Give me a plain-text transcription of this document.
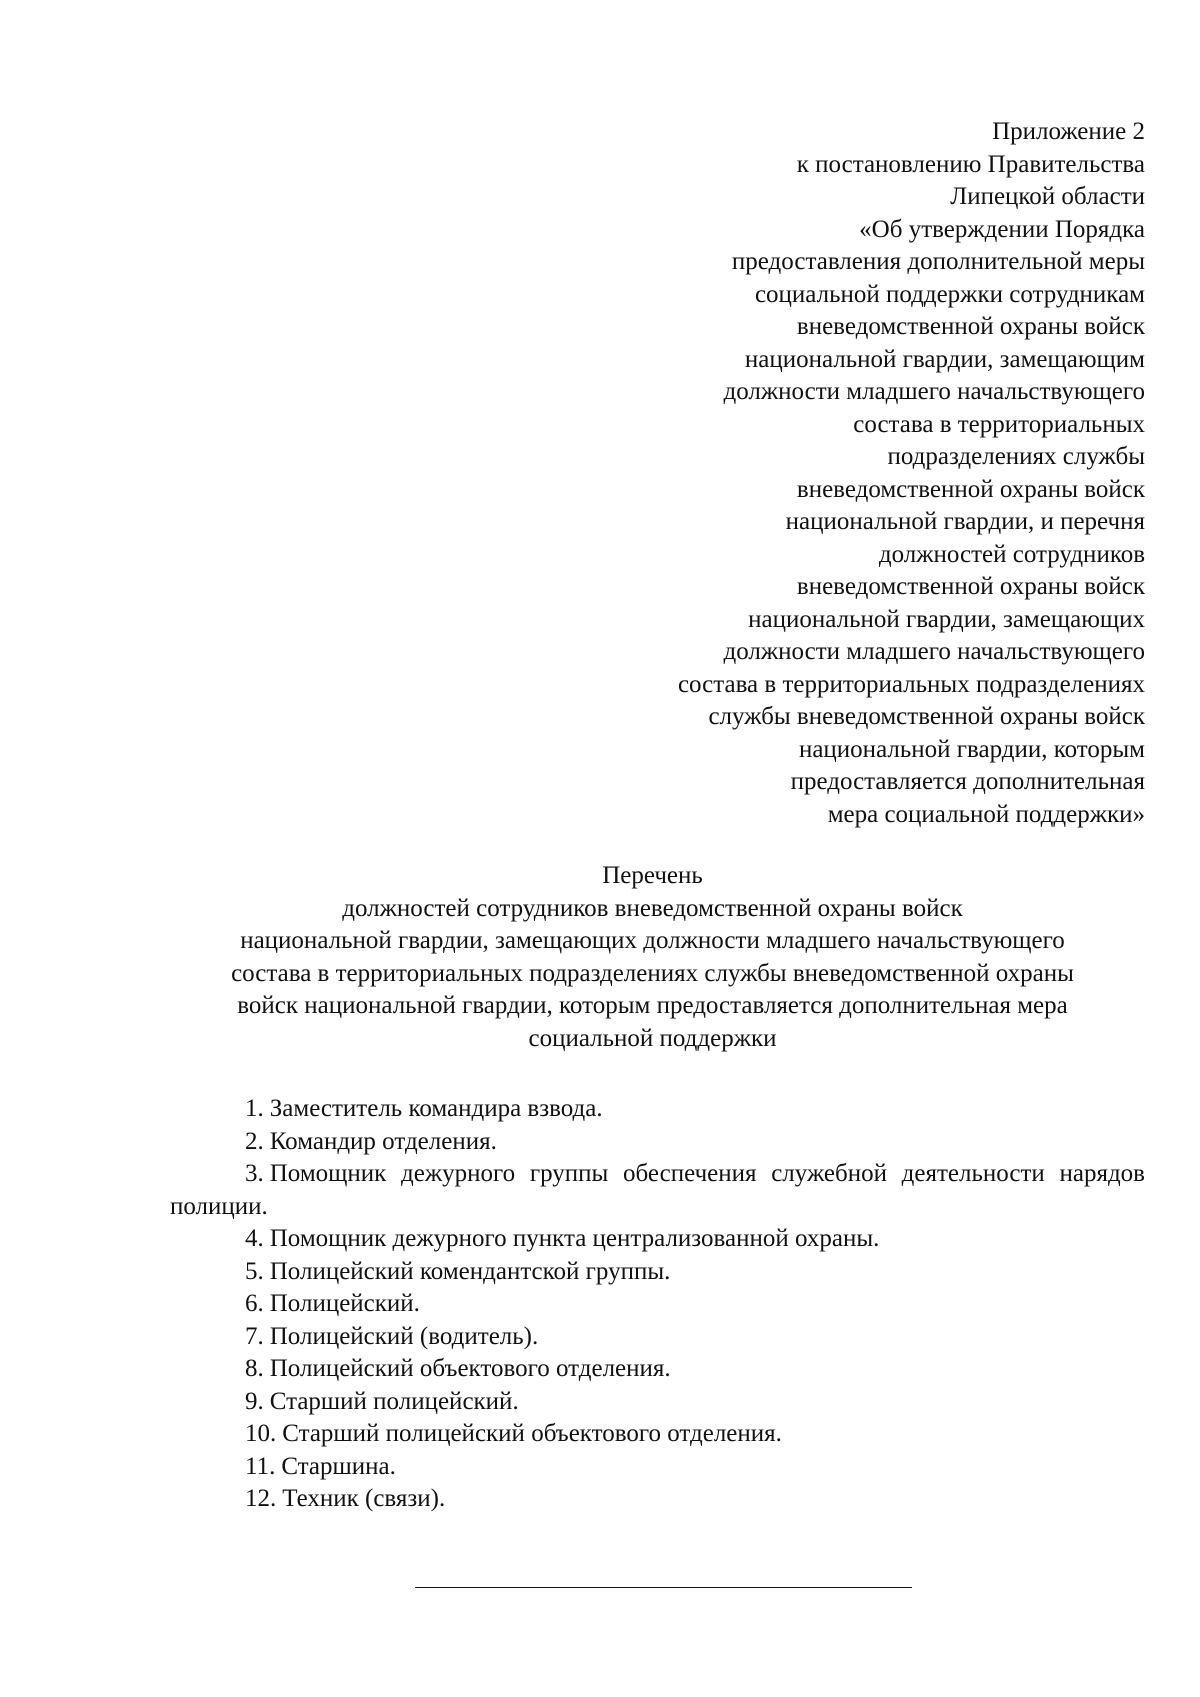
Приложение 2
к постановлению Правительства
Липецкой области
«Об утверждении Порядка
предоставления дополнительной меры
социальной поддержки сотрудникам
вневедомственной охраны войск
национальной гвардии, замещающим
должности младшего начальствующего
состава в территориальных
подразделениях службы
вневедомственной охраны войск
национальной гвардии, и перечня
должностей сотрудников
вневедомственной охраны войск
национальной гвардии, замещающих
должности младшего начальствующего
состава в территориальных подразделениях
службы вневедомственной охраны войск
национальной гвардии, которым
предоставляется дополнительная
мера социальной поддержки»
Перечень
должностей сотрудников вневедомственной охраны войск
национальной гвардии, замещающих должности младшего начальствующего
состава в территориальных подразделениях службы вневедомственной охраны
войск национальной гвардии, которым предоставляется дополнительная мера
социальной поддержки
1. Заместитель командира взвода.
2. Командир отделения.
3. Помощник дежурного группы обеспечения служебной деятельности нарядов полиции.
4. Помощник дежурного пункта централизованной охраны.
5. Полицейский комендантской группы.
6. Полицейский.
7. Полицейский (водитель).
8. Полицейский объектового отделения.
9. Старший полицейский.
10. Старший полицейский объектового отделения.
11. Старшина.
12. Техник (связи).
